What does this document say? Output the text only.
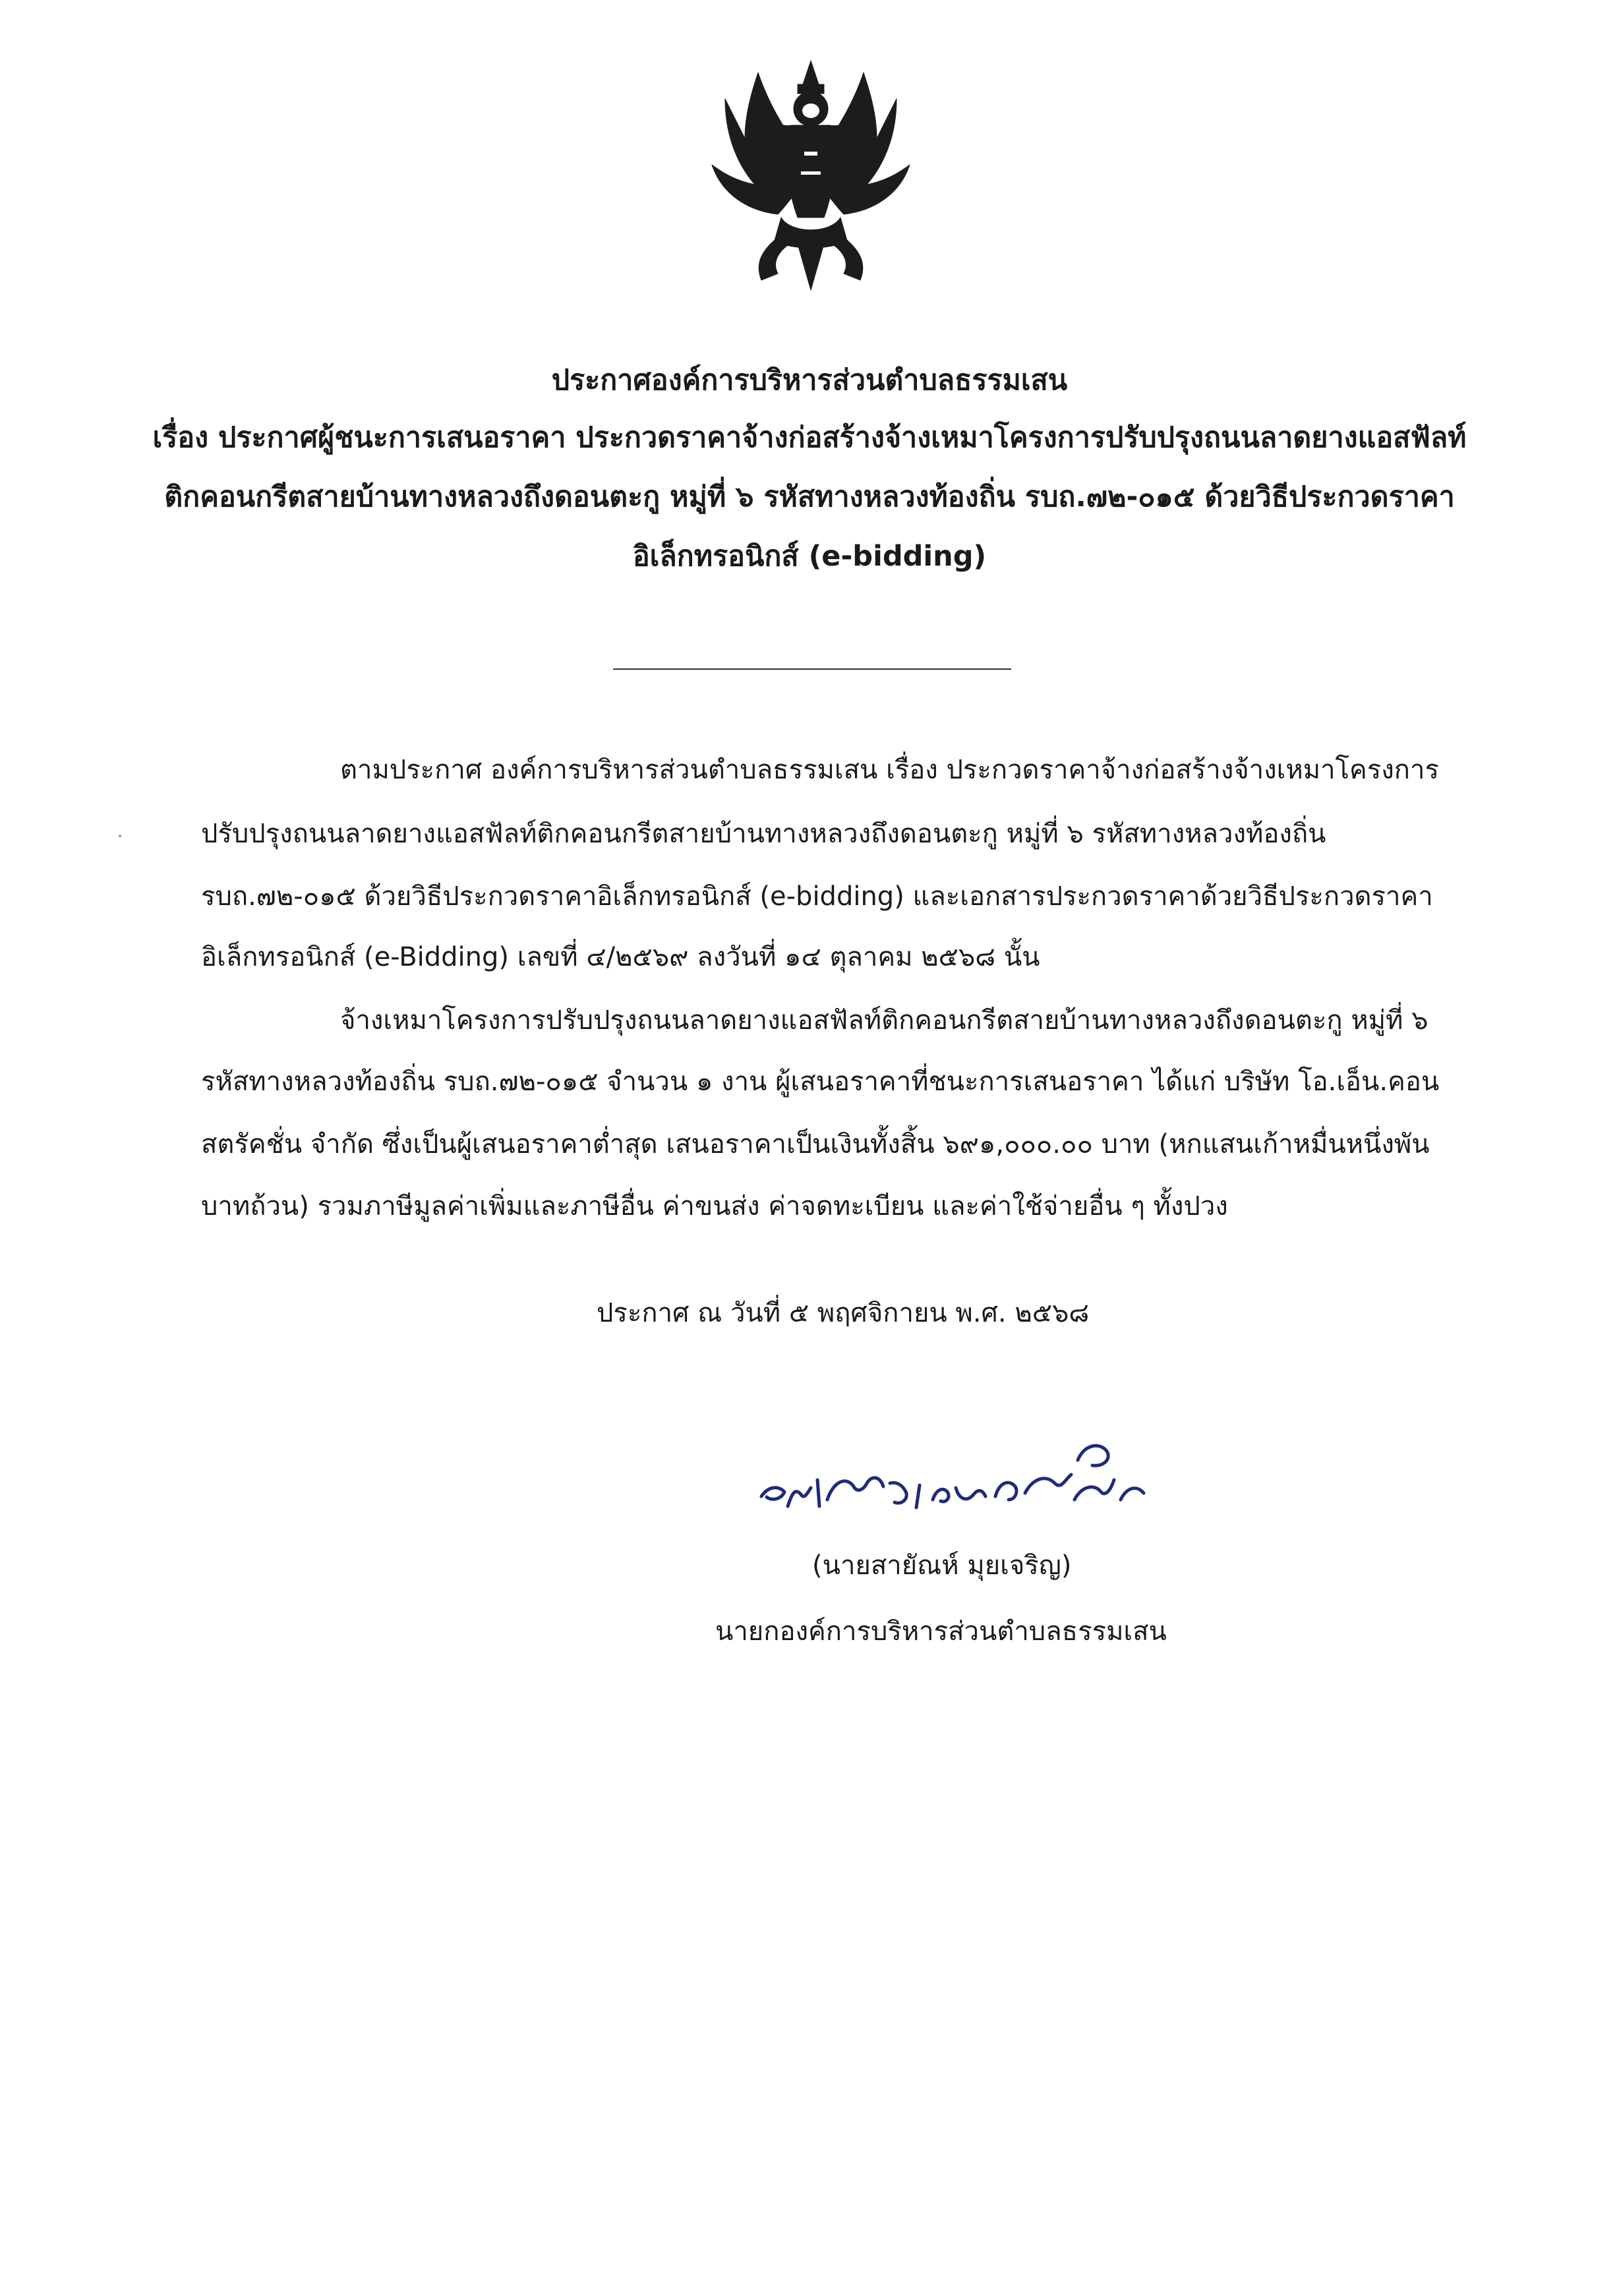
ประกาศองค์การบริหารส่วนตำบลธรรมเสน
เรื่อง ประกาศผู้ชนะการเสนอราคา ประกวดราคาจ้างก่อสร้างจ้างเหมาโครงการปรับปรุงถนนลาดยางแอสฟัลท์
ติกคอนกรีตสายบ้านทางหลวงถึงดอนตะกู หมู่ที่ ๖ รหัสทางหลวงท้องถิ่น รบถ.๗๒-๐๑๕ ด้วยวิธีประกวดราคา
อิเล็กทรอนิกส์ (e-bidding)
ตามประกาศ องค์การบริหารส่วนตำบลธรรมเสน เรื่อง ประกวดราคาจ้างก่อสร้างจ้างเหมาโครงการ
ปรับปรุงถนนลาดยางแอสฟัลท์ติกคอนกรีตสายบ้านทางหลวงถึงดอนตะกู หมู่ที่ ๖ รหัสทางหลวงท้องถิ่น
รบถ.๗๒-๐๑๕ ด้วยวิธีประกวดราคาอิเล็กทรอนิกส์ (e-bidding) และเอกสารประกวดราคาด้วยวิธีประกวดราคา
อิเล็กทรอนิกส์ (e-Bidding) เลขที่ ๔/๒๕๖๙ ลงวันที่ ๑๔ ตุลาคม ๒๕๖๘ นั้น
จ้างเหมาโครงการปรับปรุงถนนลาดยางแอสฟัลท์ติกคอนกรีตสายบ้านทางหลวงถึงดอนตะกู หมู่ที่ ๖
รหัสทางหลวงท้องถิ่น รบถ.๗๒-๐๑๕ จำนวน ๑ งาน ผู้เสนอราคาที่ชนะการเสนอราคา ได้แก่ บริษัท โอ.เอ็น.คอน
สตรัคชั่น จำกัด ซึ่งเป็นผู้เสนอราคาต่ำสุด เสนอราคาเป็นเงินทั้งสิ้น ๖๙๑,๐๐๐.๐๐ บาท (หกแสนเก้าหมื่นหนึ่งพัน
บาทถ้วน) รวมภาษีมูลค่าเพิ่มและภาษีอื่น ค่าขนส่ง ค่าจดทะเบียน และค่าใช้จ่ายอื่น ๆ ทั้งปวง
ประกาศ ณ วันที่ ๕ พฤศจิกายน พ.ศ. ๒๕๖๘
(นายสายัณห์ มุยเจริญ)
นายกองค์การบริหารส่วนตำบลธรรมเสน
